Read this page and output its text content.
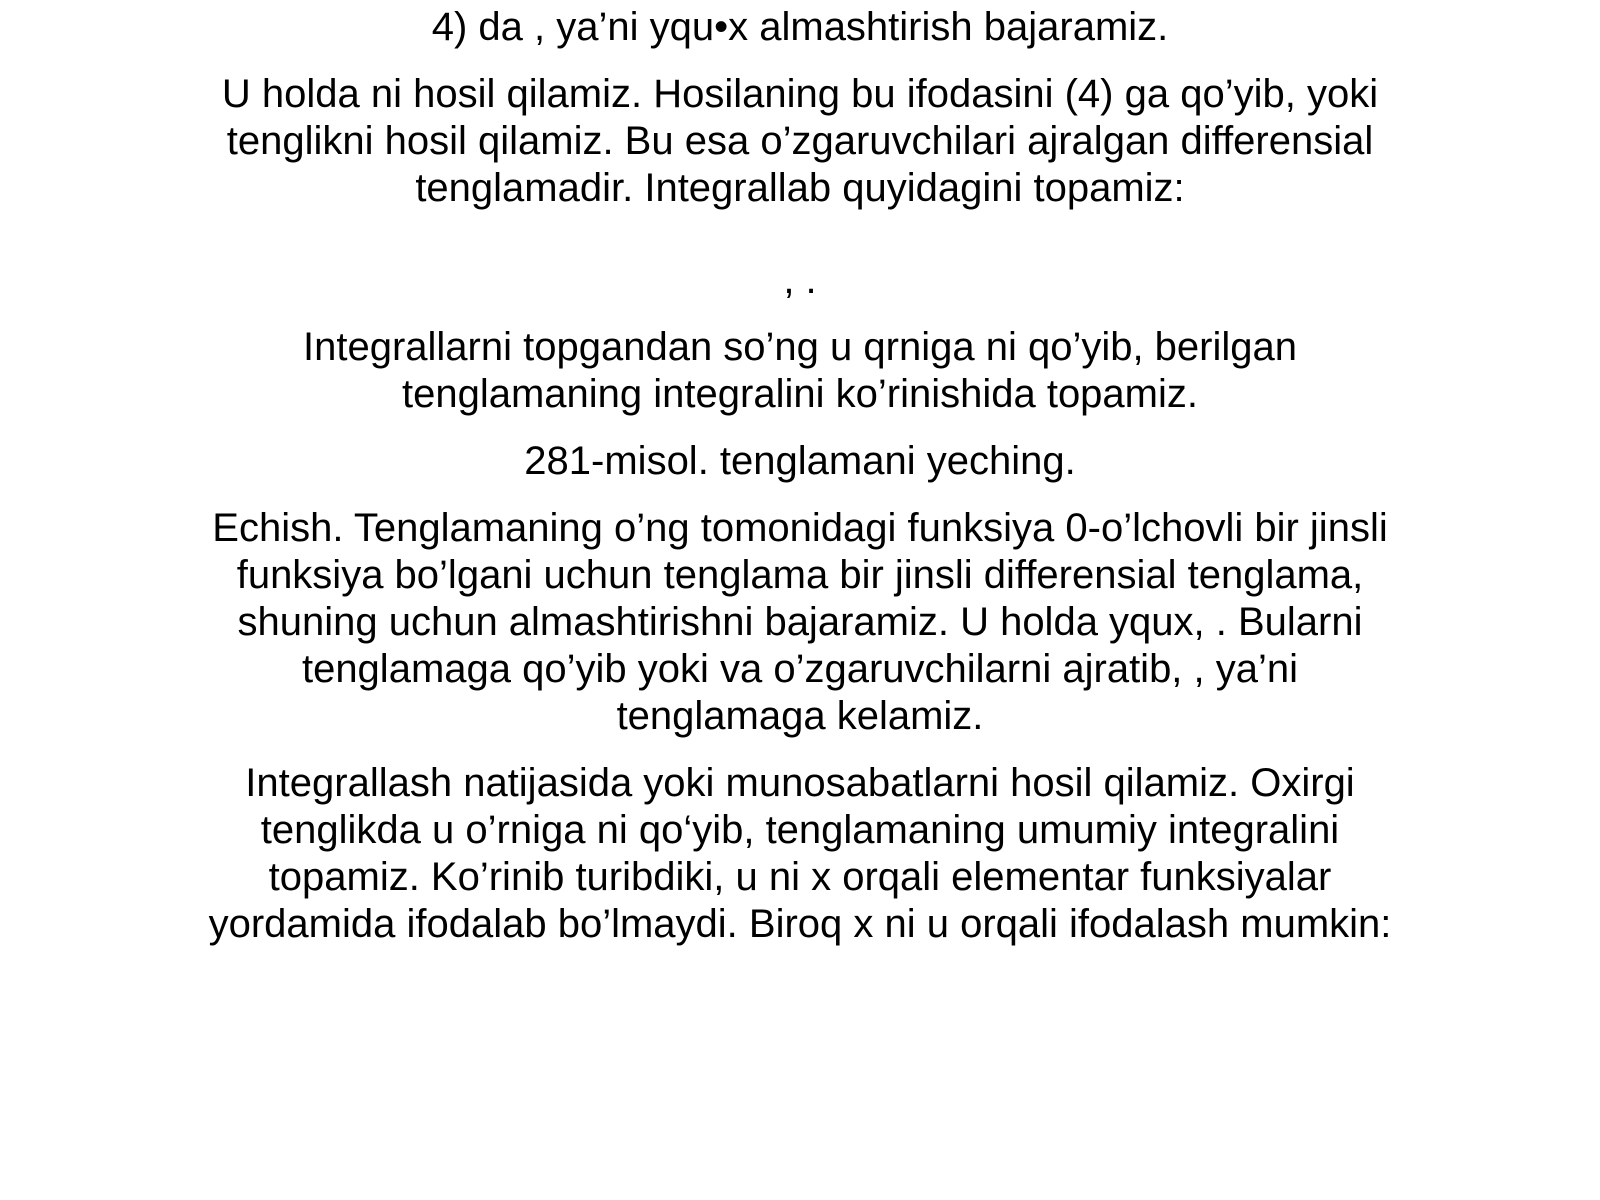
4) da , ya’ni yqu•x almashtirish bajaramiz.

U holda ni hosil qilamiz. Hosilaning bu ifodasini (4) ga qo’yib, yoki tenglikni hosil qilamiz. Bu esa o’zgaruvchilari ajralgan differensial tenglamadir. Integrallab quyidagini topamiz:

, .

Integrallarni topgandan so’ng u qrniga ni qo’yib, berilgan tenglamaning integralini ko’rinishida topamiz.

281-misol. tenglamani yeching.

Echish. Tenglamaning o’ng tomonidagi funksiya 0-o’lchovli bir jinsli funksiya bo’lgani uchun tenglama bir jinsli differensial tenglama, shuning uchun almashtirishni bajaramiz. U holda yqux, . Bularni tenglamaga qo’yib yoki va o’zgaruvchilarni ajratib, , ya’ni tenglamaga kelamiz.

Integrallash natijasida yoki munosabatlarni hosil qilamiz. Oxirgi tenglikda u o’rniga ni qo‘yib, tenglamaning umumiy integralini topamiz. Ko’rinib turibdiki, u ni x orqali elementar funksiyalar yordamida ifodalab bo’lmaydi. Biroq x ni u orqali ifodalash mumkin:
